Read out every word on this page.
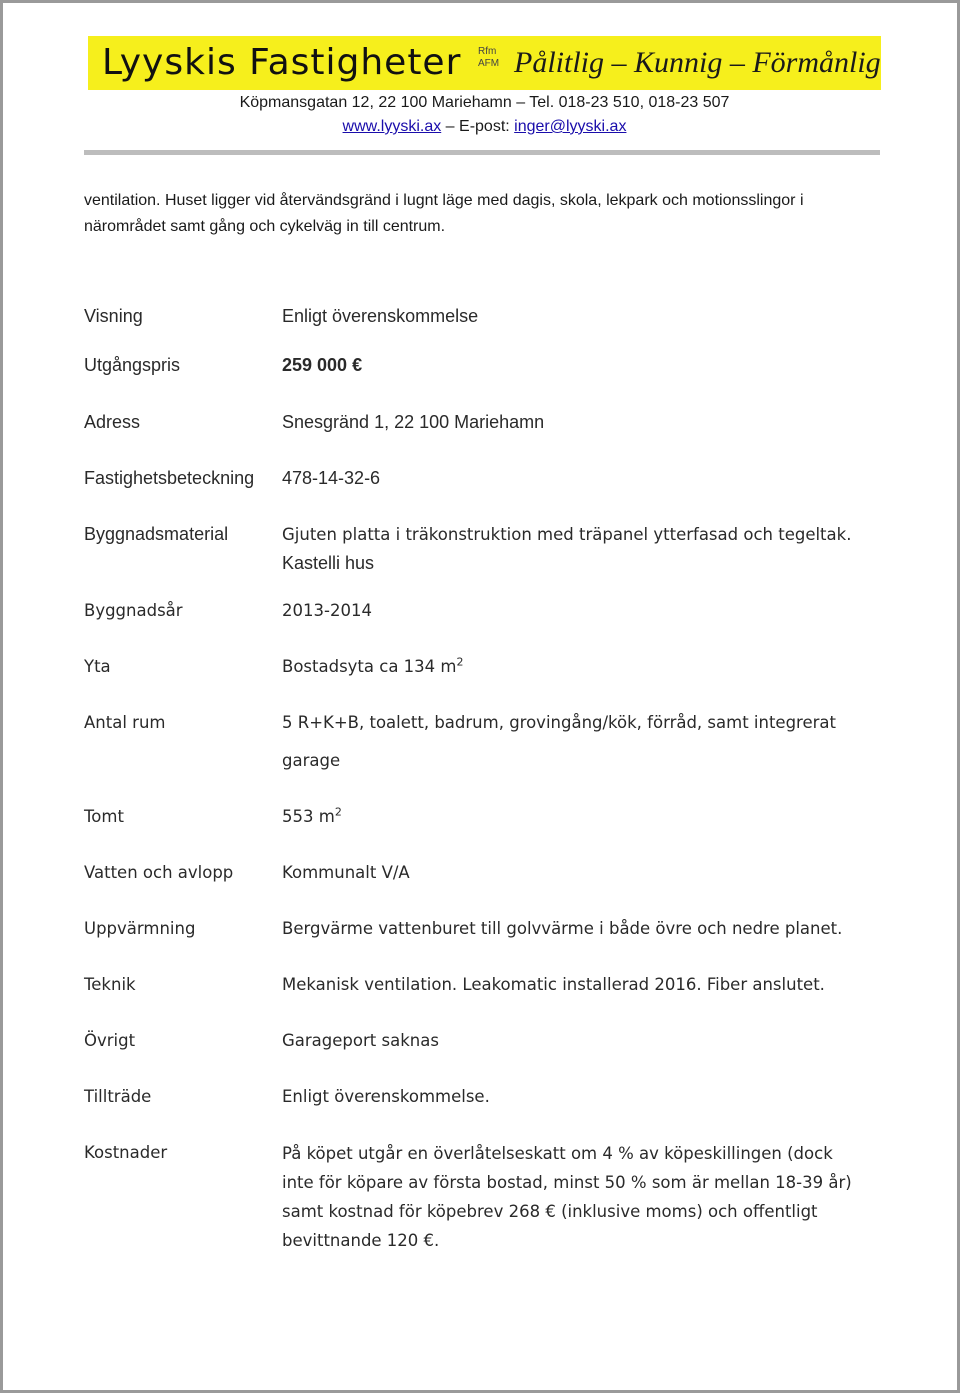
Lyyskis Fastigheter Rfm
AFM Pålitlig – Kunnig – Förmånlig
Köpmansgatan 12, 22 100 Mariehamn – Tel. 018-23 510, 018-23 507
www.lyyski.ax – E-post: inger@lyyski.ax
ventilation. Huset ligger vid återvändsgränd i lugnt läge med dagis, skola, lekpark och motionsslingor i närområdet samt gång och cykelväg in till centrum.
Visning	Enligt överenskommelse
Utgångspris	259 000 €
Adress	Snesgränd 1, 22 100 Mariehamn
Fastighetsbeteckning 478-14-32-6
Byggnadsmaterial	Gjuten platta i träkonstruktion med träpanel ytterfasad och tegeltak.
Kastelli hus
Byggnadsår	2013-2014
Yta	Bostadsyta ca 134 $m^2$
Antal rum	5 R+K+B, toalett, badrum, grovingång/kök, förråd, samt integrerat
garage
Tomt	553 $m^2$
Vatten och avlopp	Kommunalt V/A
Uppvärmning	Bergvärme vattenburet till golvvärme i både övre och nedre planet.
Teknik	Mekanisk ventilation. Leakomatic installerad 2016. Fiber anslutet.
Övrigt	Garageport saknas
Tillträde	Enligt överenskommelse.
Kostnader	På köpet utgår en överlåtelseskatt om 4 % av köpeskillingen (dock
inte för köpare av första bostad, minst 50 % som är mellan 18-39 år)
samt kostnad för köpebrev 268 € (inklusive moms) och offentligt
bevittnande 120 €.
